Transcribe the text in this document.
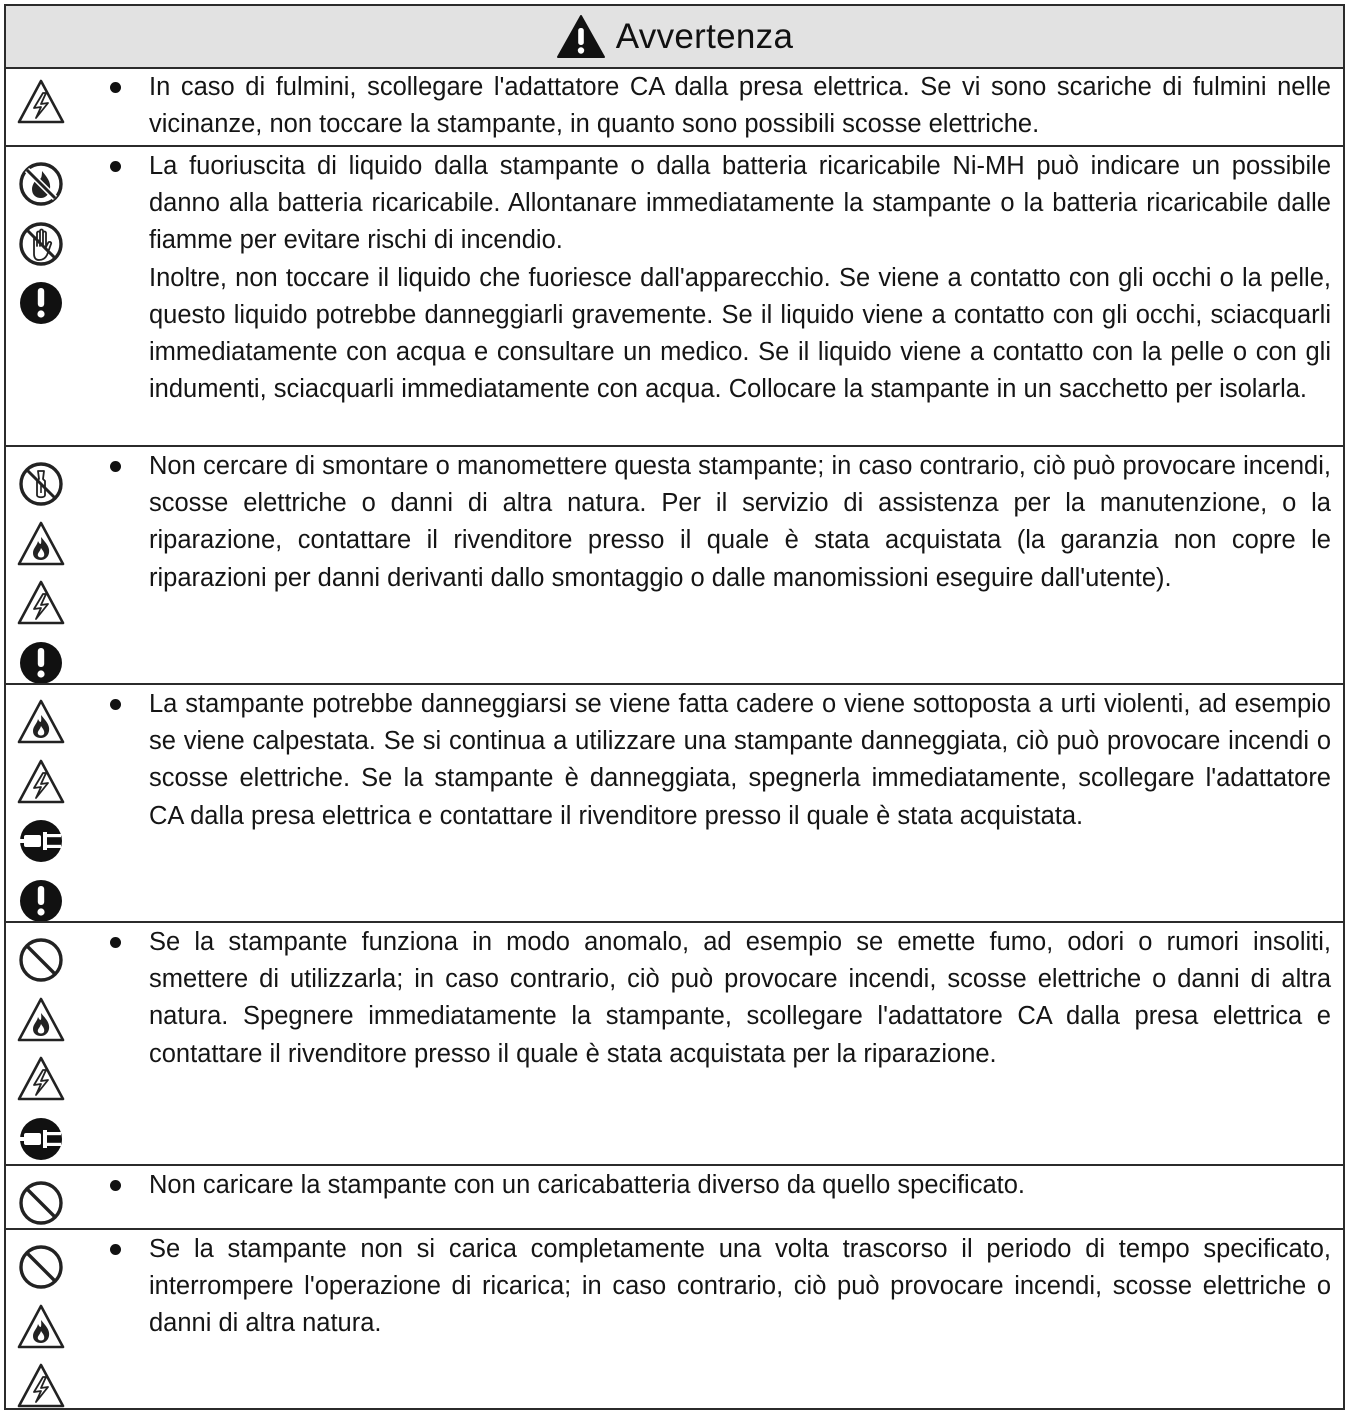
Avvertenza

In caso di fulmini, scollegare l'adattatore CA dalla presa elettrica. Se vi sono scariche di fulmini nelle vicinanze, non toccare la stampante, in quanto sono possibili scosse elettriche.

La fuoriuscita di liquido dalla stampante o dalla batteria ricaricabile Ni-MH può indicare un possibile danno alla batteria ricaricabile. Allontanare immediatamente la stampante o la batteria ricaricabile dalle fiamme per evitare rischi di incendio.

Inoltre, non toccare il liquido che fuoriesce dall'apparecchio. Se viene a contatto con gli occhi o la pelle, questo liquido potrebbe danneggiarli gravemente. Se il liquido viene a contatto con gli occhi, sciacquarli immediatamente con acqua e consultare un medico. Se il liquido viene a contatto con la pelle o con gli indumenti, sciacquarli immediatamente con acqua. Collocare la stampante in un sacchetto per isolarla.

Non cercare di smontare o manomettere questa stampante; in caso contrario, ciò può provocare incendi, scosse elettriche o danni di altra natura. Per il servizio di assistenza per la manutenzione, o la riparazione, contattare il rivenditore presso il quale è stata acquistata (la garanzia non copre le riparazioni per danni derivanti dallo smontaggio o dalle manomissioni eseguire dall'utente).

La stampante potrebbe danneggiarsi se viene fatta cadere o viene sottoposta a urti violenti, ad esempio se viene calpestata. Se si continua a utilizzare una stampante danneggiata, ciò può provocare incendi o scosse elettriche. Se la stampante è danneggiata, spegnerla immediatamente, scollegare l'adattatore CA dalla presa elettrica e contattare il rivenditore presso il quale è stata acquistata.

Se la stampante funziona in modo anomalo, ad esempio se emette fumo, odori o rumori insoliti, smettere di utilizzarla; in caso contrario, ciò può provocare incendi, scosse elettriche o danni di altra natura. Spegnere immediatamente la stampante, scollegare l'adattatore CA dalla presa elettrica e contattare il rivenditore presso il quale è stata acquistata per la riparazione.

Non caricare la stampante con un caricabatteria diverso da quello specificato.

Se la stampante non si carica completamente una volta trascorso il periodo di tempo specificato, interrompere l'operazione di ricarica; in caso contrario, ciò può provocare incendi, scosse elettriche o danni di altra natura.
